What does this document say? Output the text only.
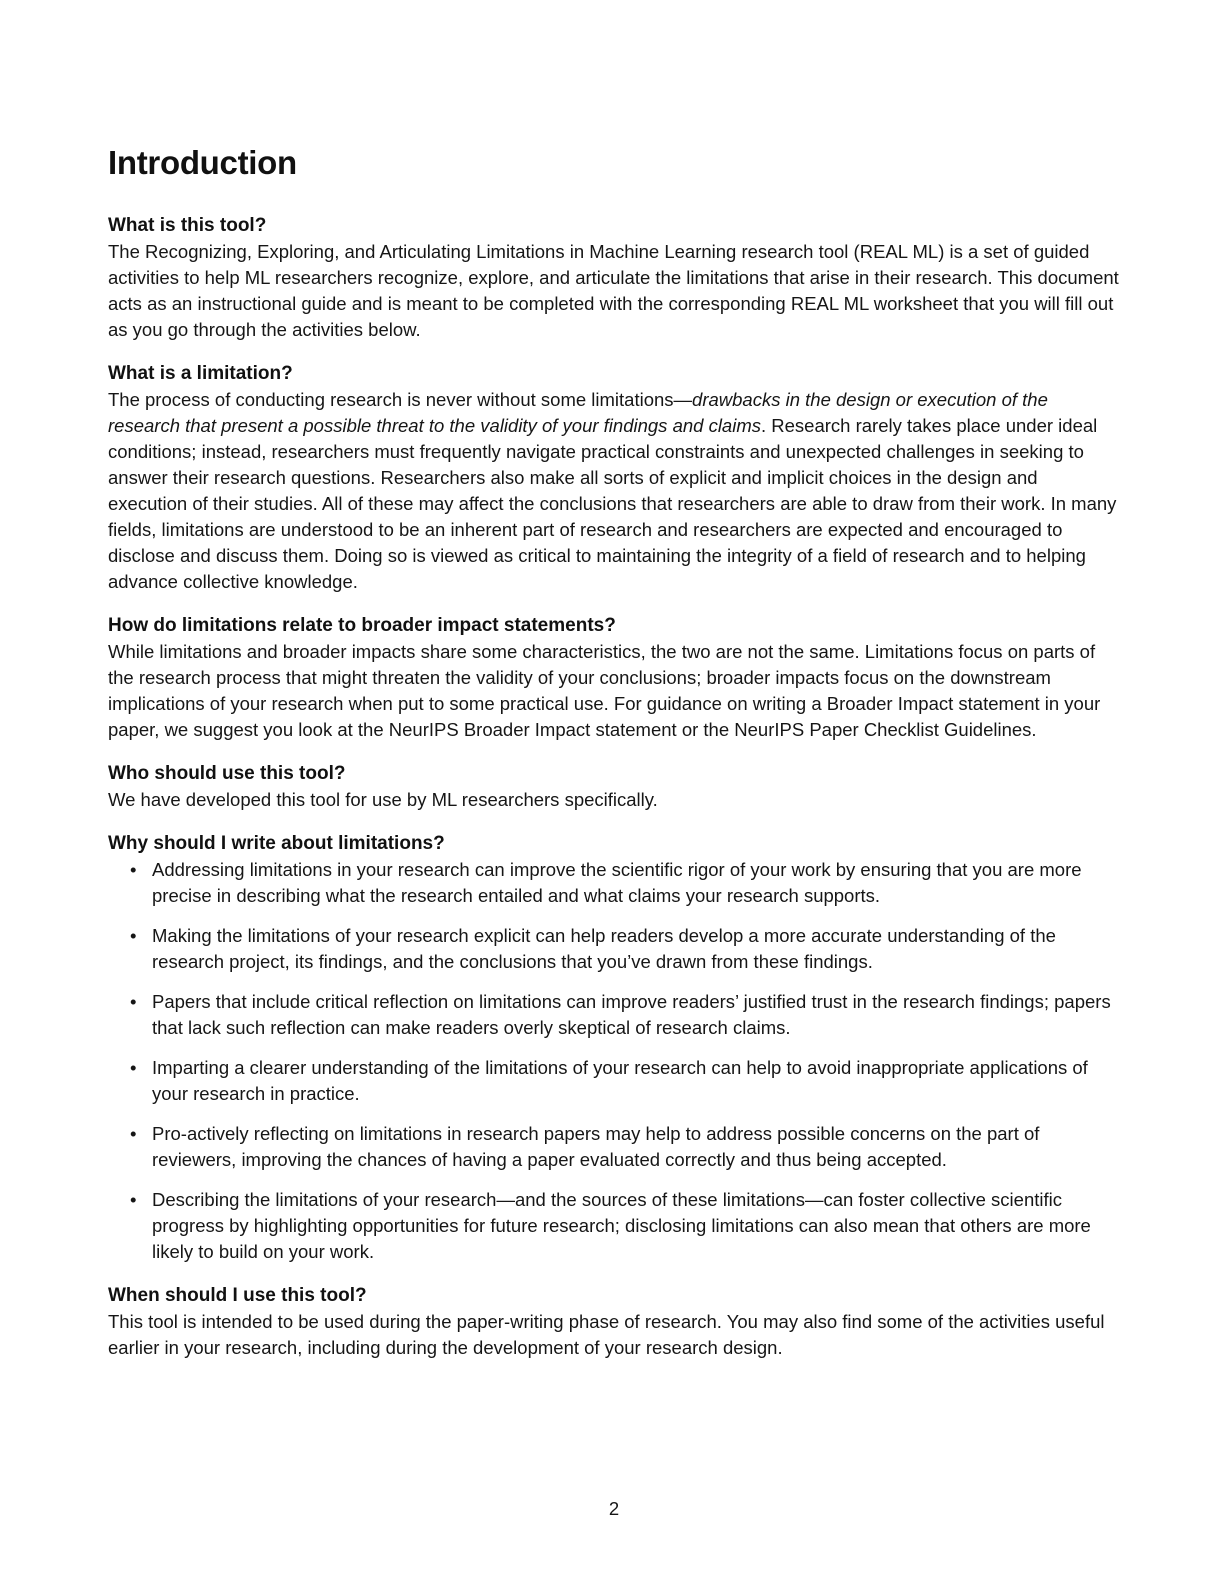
Introduction
What is this tool?

The Recognizing, Exploring, and Articulating Limitations in Machine Learning research tool (REAL ML) is a set of guided activities to help ML researchers recognize, explore, and articulate the limitations that arise in their research. This document acts as an instructional guide and is meant to be completed with the corresponding REAL ML worksheet that you will fill out as you go through the activities below.

What is a limitation?

The process of conducting research is never without some limitations—drawbacks in the design or execution of the research that present a possible threat to the validity of your findings and claims. Research rarely takes place under ideal conditions; instead, researchers must frequently navigate practical constraints and unexpected challenges in seeking to answer their research questions. Researchers also make all sorts of explicit and implicit choices in the design and execution of their studies. All of these may affect the conclusions that researchers are able to draw from their work. In many fields, limitations are understood to be an inherent part of research and researchers are expected and encouraged to disclose and discuss them. Doing so is viewed as critical to maintaining the integrity of a field of research and to helping advance collective knowledge.

How do limitations relate to broader impact statements?

While limitations and broader impacts share some characteristics, the two are not the same. Limitations focus on parts of the research process that might threaten the validity of your conclusions; broader impacts focus on the downstream implications of your research when put to some practical use. For guidance on writing a Broader Impact statement in your paper, we suggest you look at the NeurIPS Broader Impact statement or the NeurIPS Paper Checklist Guidelines.

Who should use this tool?

We have developed this tool for use by ML researchers specifically.

Why should I write about limitations?
• Addressing limitations in your research can improve the scientific rigor of your work by ensuring that you are more precise in describing what the research entailed and what claims your research supports.
• Making the limitations of your research explicit can help readers develop a more accurate understanding of the research project, its findings, and the conclusions that you’ve drawn from these findings.
• Papers that include critical reflection on limitations can improve readers’ justified trust in the research findings; papers that lack such reflection can make readers overly skeptical of research claims.
• Imparting a clearer understanding of the limitations of your research can help to avoid inappropriate applications of your research in practice.
• Pro-actively reflecting on limitations in research papers may help to address possible concerns on the part of reviewers, improving the chances of having a paper evaluated correctly and thus being accepted.
• Describing the limitations of your research—and the sources of these limitations—can foster collective scientific progress by highlighting opportunities for future research; disclosing limitations can also mean that others are more likely to build on your work.
When should I use this tool?

This tool is intended to be used during the paper-writing phase of research. You may also find some of the activities useful earlier in your research, including during the development of your research design.

2
